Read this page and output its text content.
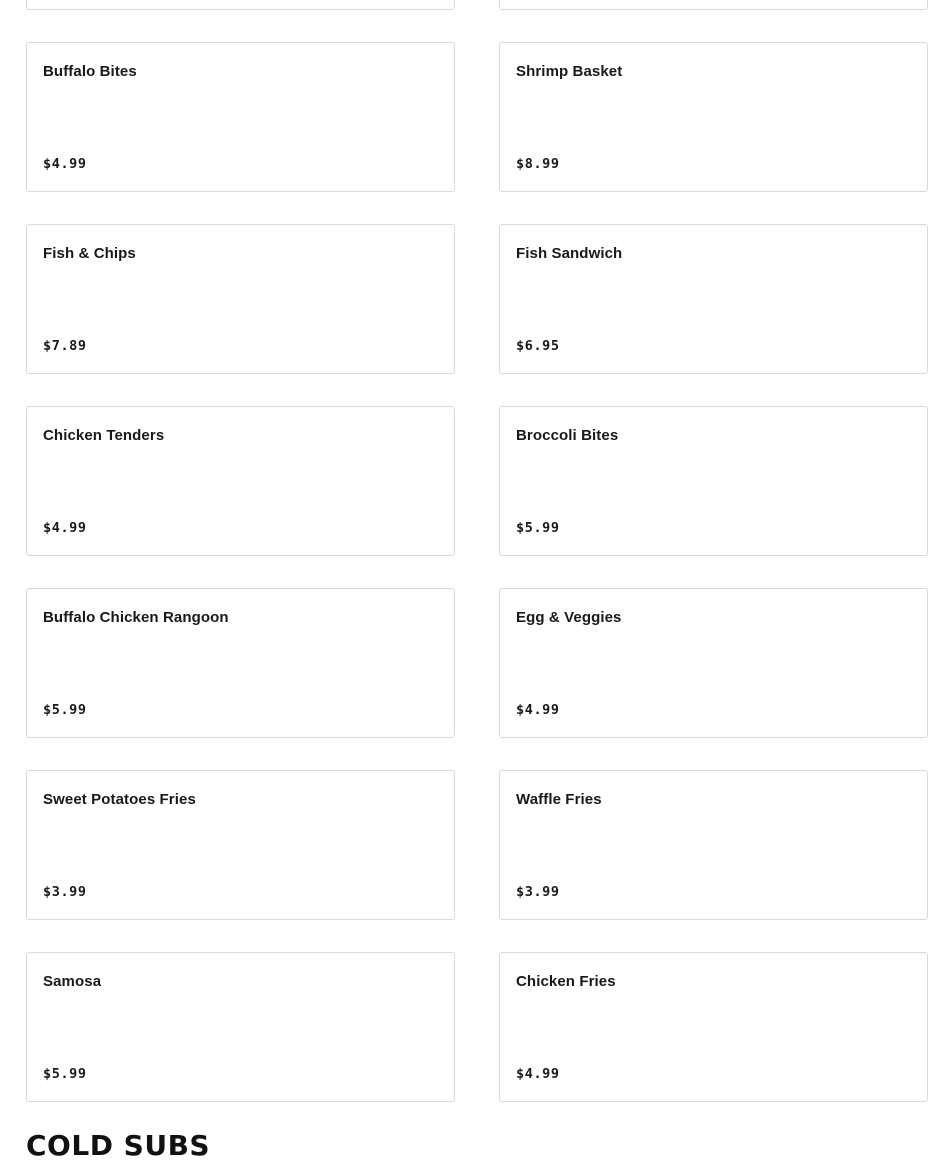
Buffalo Bites
$4.99
Shrimp Basket
$8.99
Fish & Chips
$7.89
Fish Sandwich
$6.95
Chicken Tenders
$4.99
Broccoli Bites
$5.99
Buffalo Chicken Rangoon
$5.99
Egg & Veggies
$4.99
Sweet Potatoes Fries
$3.99
Waffle Fries
$3.99
Samosa
$5.99
Chicken Fries
$4.99
COLD SUBS
